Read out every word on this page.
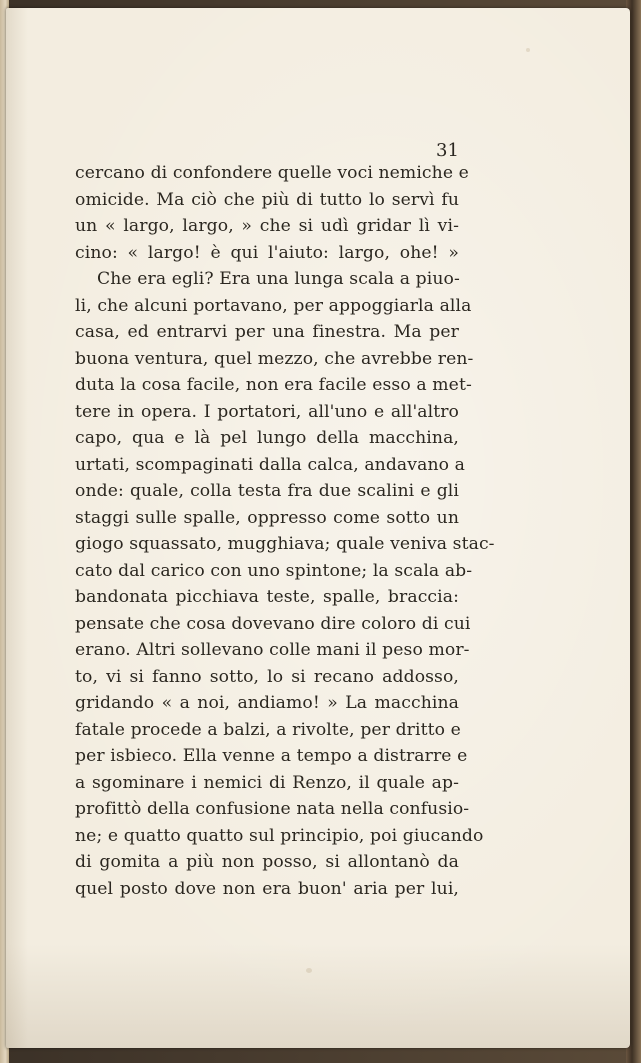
31
cercano di confondere quelle voci nemiche e
omicide. Ma ciò che più di tutto lo servì fu
un « largo, largo, » che si udì gridar lì vi-
cino: « largo! è qui l'aiuto: largo, ohe! »
Che era egli? Era una lunga scala a piuo-
li, che alcuni portavano, per appoggiarla alla
casa, ed entrarvi per una finestra. Ma per
buona ventura, quel mezzo, che avrebbe ren-
duta la cosa facile, non era facile esso a met-
tere in opera. I portatori, all'uno e all'altro
capo, qua e là pel lungo della macchina,
urtati, scompaginati dalla calca, andavano a
onde: quale, colla testa fra due scalini e gli
staggi sulle spalle, oppresso come sotto un
giogo squassato, mugghiava; quale veniva stac-
cato dal carico con uno spintone; la scala ab-
bandonata picchiava teste, spalle, braccia:
pensate che cosa dovevano dire coloro di cui
erano. Altri sollevano colle mani il peso mor-
to, vi si fanno sotto, lo si recano addosso,
gridando « a noi, andiamo! » La macchina
fatale procede a balzi, a rivolte, per dritto e
per isbieco. Ella venne a tempo a distrarre e
a sgominare i nemici di Renzo, il quale ap-
profittò della confusione nata nella confusio-
ne; e quatto quatto sul principio, poi giucando
di gomita a più non posso, si allontanò da
quel posto dove non era buon' aria per lui,
